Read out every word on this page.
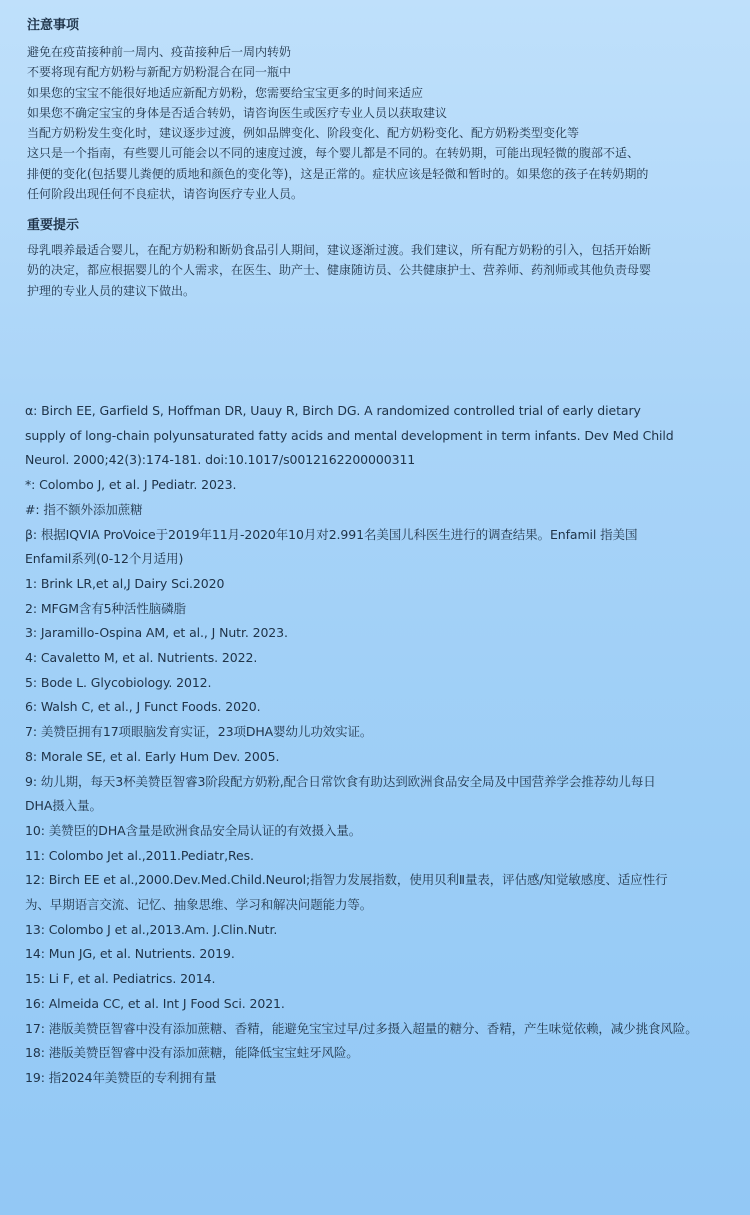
注意事项
避免在疫苗接种前一周内、疫苗接种后一周内转奶
不要将现有配方奶粉与新配方奶粉混合在同一瓶中
如果您的宝宝不能很好地适应新配方奶粉，您需要给宝宝更多的时间来适应
如果您不确定宝宝的身体是否适合转奶，请咨询医生或医疗专业人员以获取建议
当配方奶粉发生变化时，建议逐步过渡，例如品牌变化、阶段变化、配方奶粉变化、配方奶粉类型变化等
这只是一个指南，有些婴儿可能会以不同的速度过渡，每个婴儿都是不同的。在转奶期，可能出现轻微的腹部不适、
排便的变化(包括婴儿粪便的质地和颜色的变化等)，这是正常的。症状应该是轻微和暂时的。如果您的孩子在转奶期的
任何阶段出现任何不良症状，请咨询医疗专业人员。
重要提示
母乳喂养最适合婴儿，在配方奶粉和断奶食品引人期间，建议逐渐过渡。我们建议，所有配方奶粉的引入，包括开始断
奶的决定，都应根据婴儿的个人需求，在医生、助产士、健康随访员、公共健康护士、营养师、药剂师或其他负责母婴
护理的专业人员的建议下做出。
α: Birch EE, Garfield S, Hoffman DR, Uauy R, Birch DG. A randomized controlled trial of early dietary
supply of long-chain polyunsaturated fatty acids and mental development in term infants. Dev Med Child
Neurol. 2000;42(3):174-181. doi:10.1017/s0012162200000311
*: Colombo J, et al. J Pediatr. 2023.
#: 指不额外添加蔗糖
β: 根据IQVIA ProVoice于2019年11月-2020年10月对2.991名美国儿科医生进行的调查结果。Enfamil 指美国
Enfamil系列(0-12个月适用)
1: Brink LR,et al,J Dairy Sci.2020
2: MFGM含有5种活性脑磷脂
3: Jaramillo-Ospina AM, et al., J Nutr. 2023.
4: Cavaletto M, et al. Nutrients. 2022.
5: Bode L. Glycobiology. 2012.
6: Walsh C, et al., J Funct Foods. 2020.
7: 美赞臣拥有17项眼脑发育实证，23项DHA婴幼儿功效实证。
8: Morale SE, et al. Early Hum Dev. 2005.
9: 幼儿期，每天3杯美赞臣智睿3阶段配方奶粉,配合日常饮食有助达到欧洲食品安全局及中国营养学会推荐幼儿每日
DHA摄入量。
10: 美赞臣的DHA含量是欧洲食品安全局认证的有效摄入量。
11: Colombo Jet al.,2011.Pediatr,Res.
12: Birch EE et al.,2000.Dev.Med.Child.Neurol;指智力发展指数，使用贝利Ⅱ量表，评估感/知觉敏感度、适应性行
为、早期语言交流、记忆、抽象思维、学习和解决问题能力等。
13: Colombo J et al.,2013.Am. J.Clin.Nutr.
14: Mun JG, et al. Nutrients. 2019.
15: Li F, et al. Pediatrics. 2014.
16: Almeida CC, et al. Int J Food Sci. 2021.
17: 港版美赞臣智睿中没有添加蔗糖、香精，能避免宝宝过早/过多摄入超量的糖分、香精，产生味觉依赖，减少挑食风险。
18: 港版美赞臣智睿中没有添加蔗糖，能降低宝宝蛀牙风险。
19: 指2024年美赞臣的专利拥有量
